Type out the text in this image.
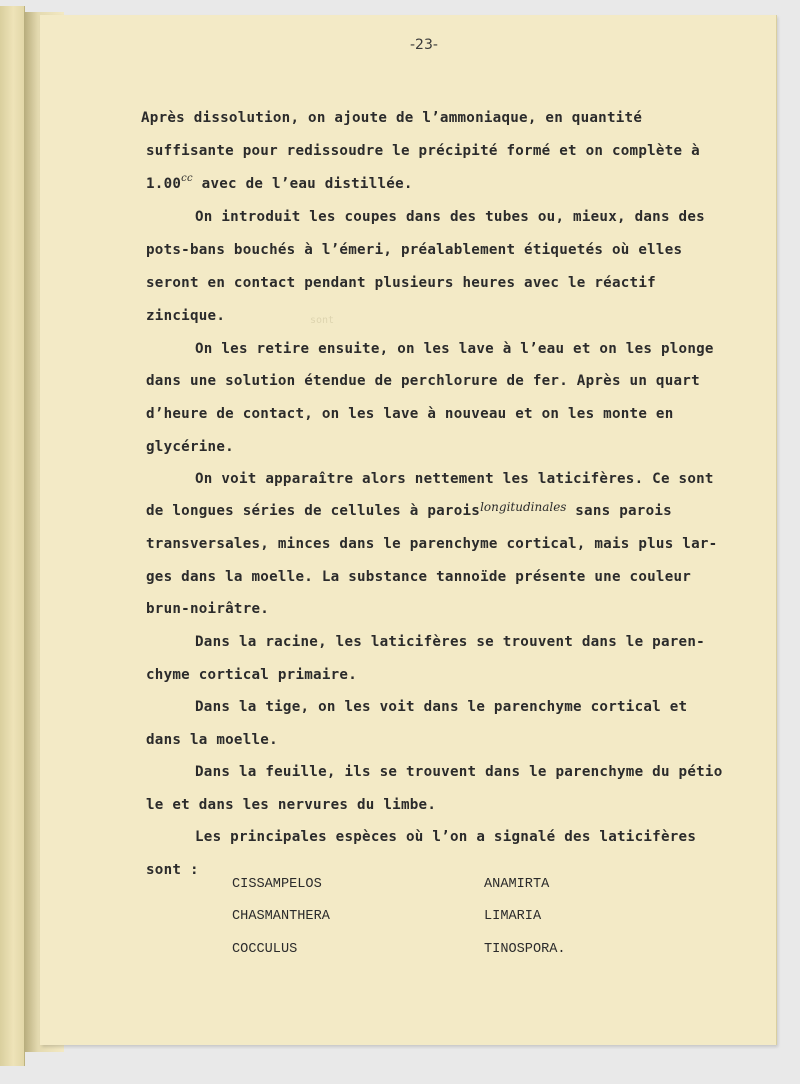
-23-
Après dissolution, on ajoute de l’ammoniaque, en quantité
suffisante pour redissoudre le précipité formé et on complète à
1.00$^{cc}$ avec de l’eau distillée.
On introduit les coupes dans des tubes ou, mieux, dans des
pots-bans bouchés à l’émeri, préalablement étiquetés où elles
seront en contact pendant plusieurs heures avec le réactif
zincique.
On les retire ensuite, on les lave à l’eau et on les plonge
dans une solution étendue de perchlorure de fer. Après un quart
d’heure de contact, on les lave à nouveau et on les monte en
glycérine.
On voit apparaître alors nettement les laticifères. Ce sont
de longues séries de cellules à parois$^{longitudinales}$ sans parois
transversales, minces dans le parenchyme cortical, mais plus lar-
ges dans la moelle. La substance tannoïde présente une couleur
brun-noirâtre.
Dans la racine, les laticifères se trouvent dans le paren-
chyme cortical primaire.
Dans la tige, on les voit dans le parenchyme cortical et
dans la moelle.
Dans la feuille, ils se trouvent dans le parenchyme du pétio
le et dans les nervures du limbe.
Les principales espèces où l’on a signalé des laticifères
sont :
CISSAMPELOS	ANAMIRTA
CHASMANTHERA	LIMARIA
COCCULUS	TINOSPORA.
sont
